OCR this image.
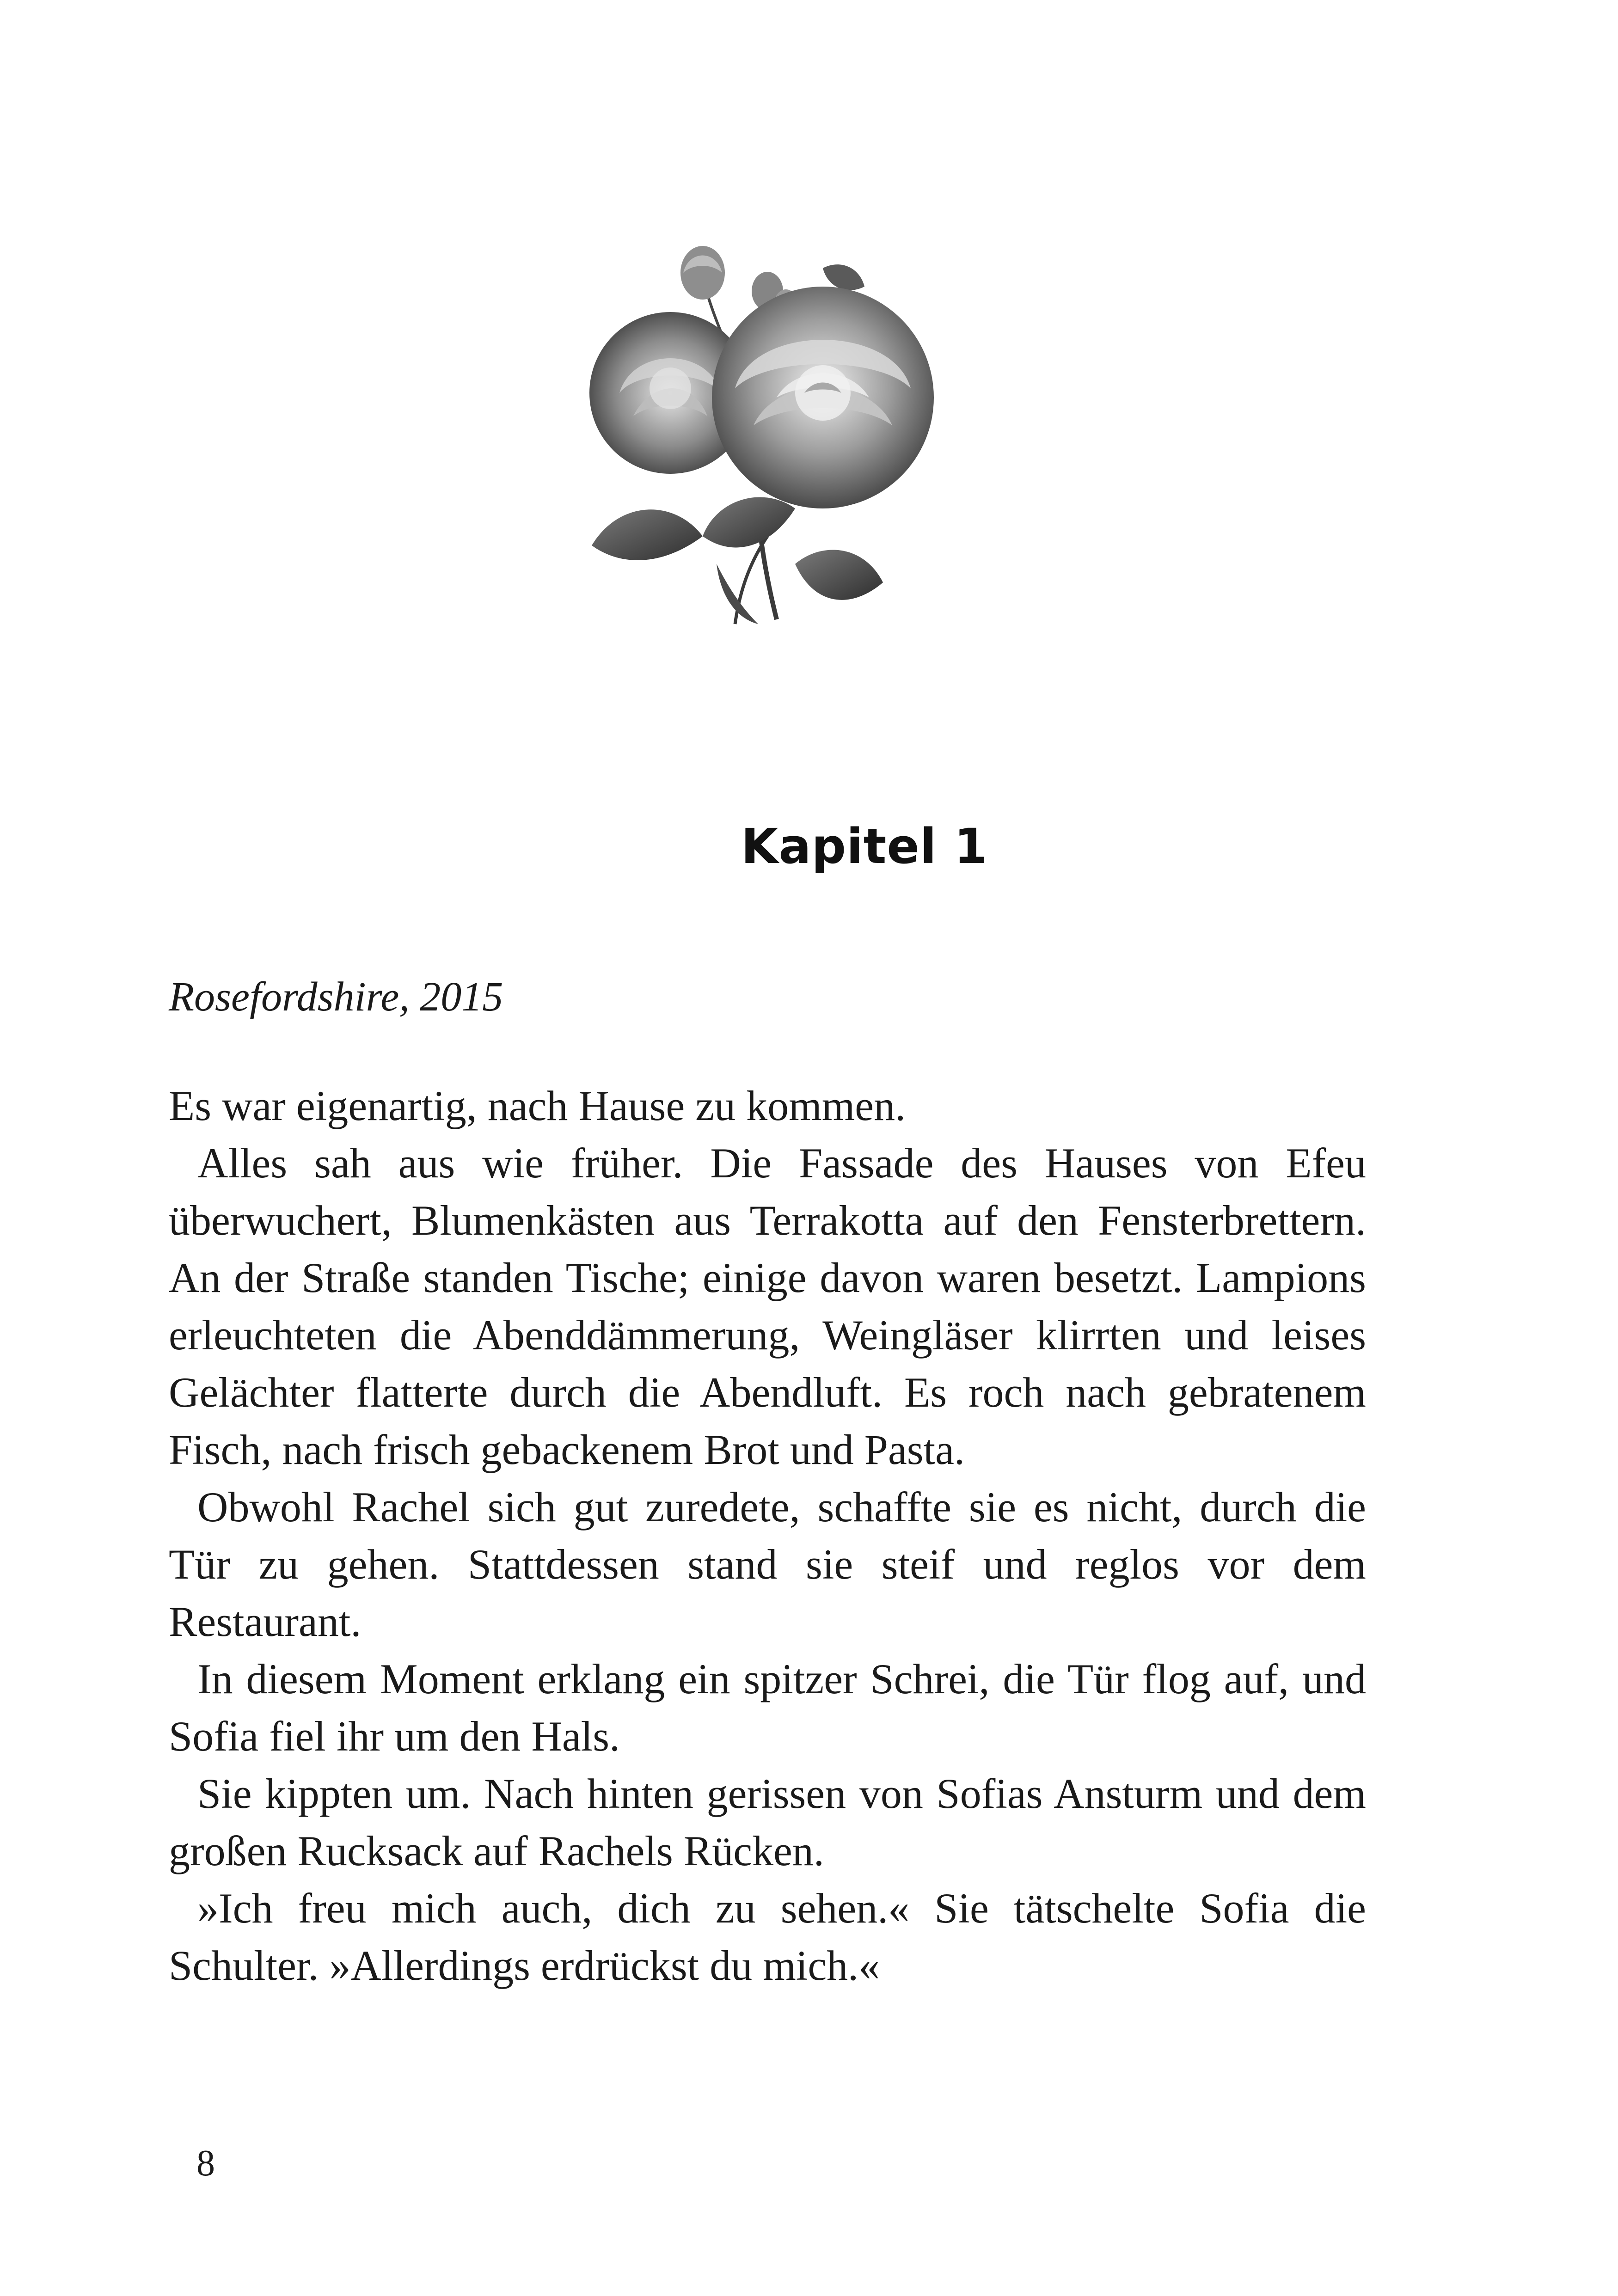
Kapitel 1

Rosefordshire, 2015

Es war eigenartig, nach Hause zu kommen.

Alles sah aus wie früher. Die Fassade des Hauses von Efeu überwuchert, Blumenkästen aus Terrakotta auf den Fensterbrettern. An der Straße standen Tische; einige davon waren besetzt. Lampions erleuchteten die Abenddämmerung, Weingläser klirrten und leises Gelächter flatterte durch die Abendluft. Es roch nach gebratenem Fisch, nach frisch gebackenem Brot und Pasta.

Obwohl Rachel sich gut zuredete, schaffte sie es nicht, durch die Tür zu gehen. Stattdessen stand sie steif und reglos vor dem Restaurant.

In diesem Moment erklang ein spitzer Schrei, die Tür flog auf, und Sofia fiel ihr um den Hals.

Sie kippten um. Nach hinten gerissen von Sofias Ansturm und dem großen Rucksack auf Rachels Rücken.

»Ich freu mich auch, dich zu sehen.« Sie tätschelte Sofia die Schulter. »Allerdings erdrückst du mich.«

8
